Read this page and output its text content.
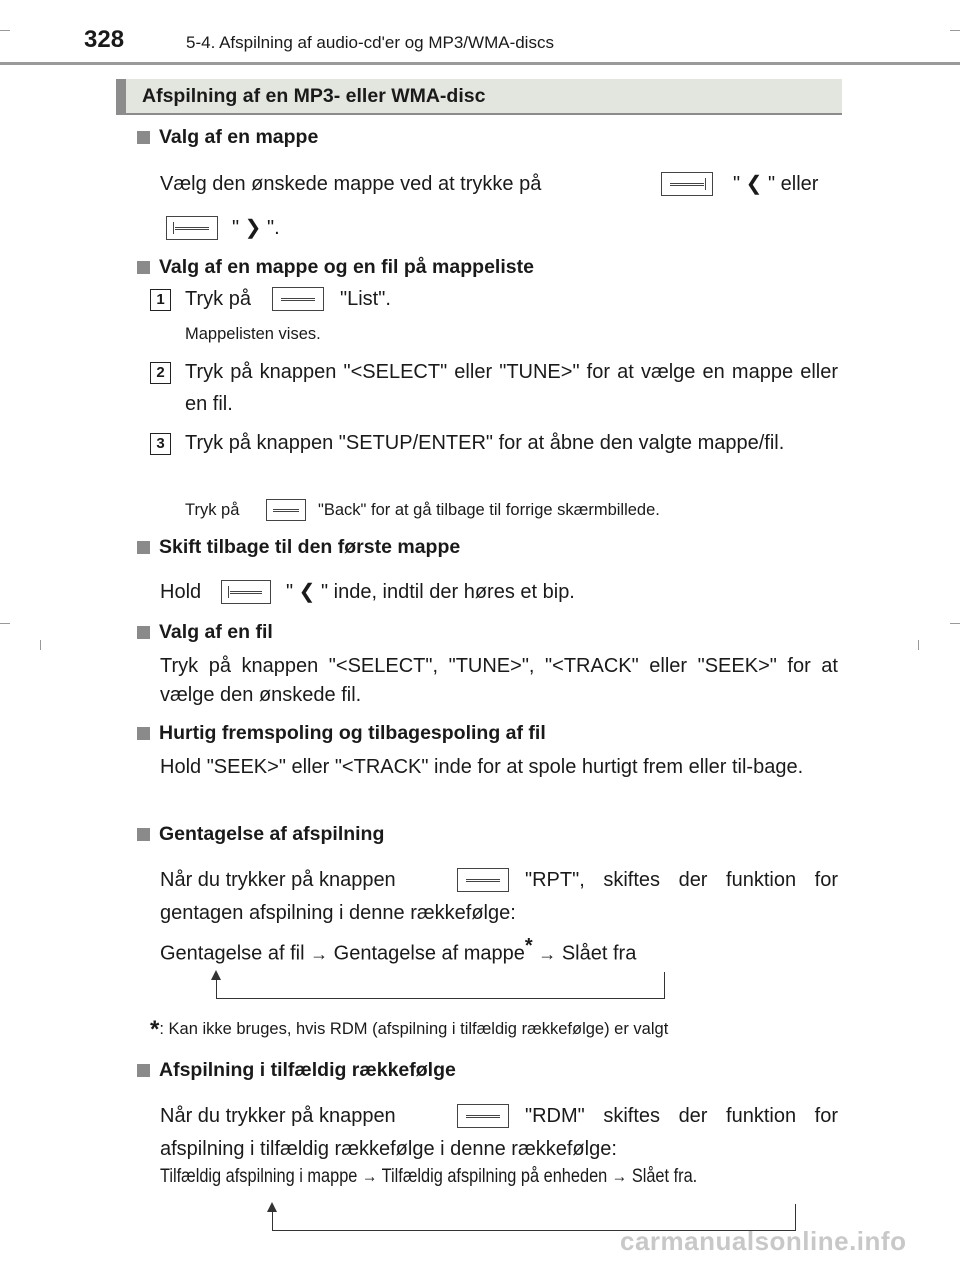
328	5-4. Afspilning af audio-cd'er og MP3/WMA-discs
Afspilning af en MP3- eller WMA-disc
Valg af en mappe
Vælg den ønskede mappe ved at trykke på	" ❮ " eller
" ❯ ".
Valg af en mappe og en fil på mappeliste
1	Tryk på	"List".
Mappelisten vises.
2	Tryk på knappen "<SELECT" eller "TUNE>" for at vælge en mappe eller en fil.
3	Tryk på knappen "SETUP/ENTER" for at åbne den valgte mappe/fil.
Tryk på	"Back" for at gå tilbage til forrige skærmbillede.
Skift tilbage til den første mappe
Hold	" ❮ " inde, indtil der høres et bip.
Valg af en fil
Tryk på knappen "<SELECT", "TUNE>", "<TRACK" eller "SEEK>" for at vælge den ønskede fil.
Hurtig fremspoling og tilbagespoling af fil
Hold "SEEK>" eller "<TRACK" inde for at spole hurtigt frem eller til-bage.
Gentagelse af afspilning
Når du trykker på knappen	"RPT", skiftes der funktion for
gentagen afspilning i denne rækkefølge:
Gentagelse af fil → Gentagelse af mappe* → Slået fra
*: Kan ikke bruges, hvis RDM (afspilning i tilfældig rækkefølge) er valgt
Afspilning i tilfældig rækkefølge
Når du trykker på knappen	"RDM" skiftes der funktion for
afspilning i tilfældig rækkefølge i denne rækkefølge:
Tilfældig afspilning i mappe → Tilfældig afspilning på enheden → Slået fra.
carmanualsonline.info
